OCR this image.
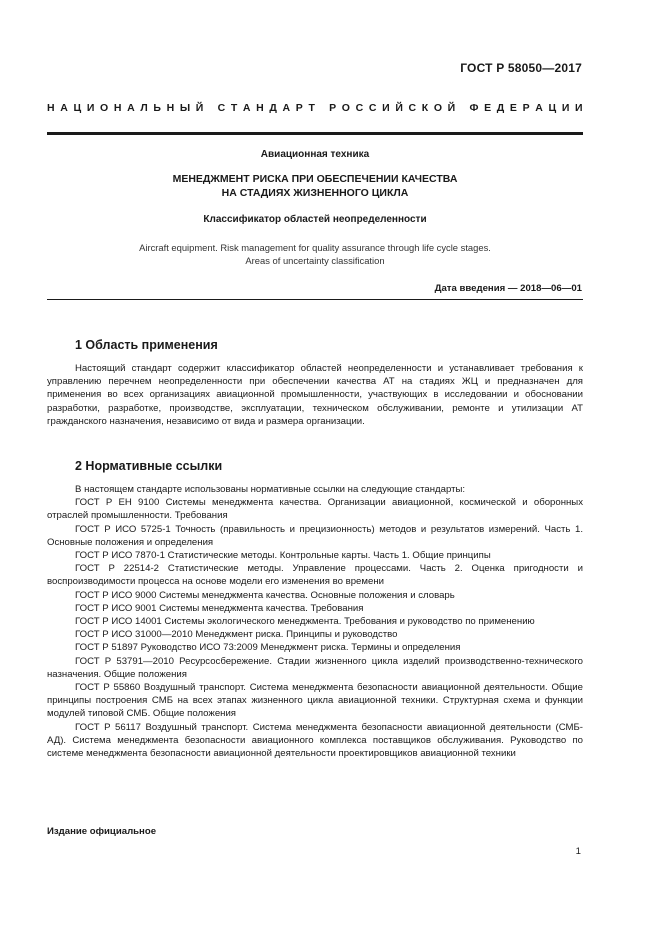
ГОСТ Р 58050—2017
Н А Ц И О Н А Л Ь Н Ы Й
С Т А Н Д А Р Т
Р О С С И Й С К О Й
Ф Е Д Е Р А Ц И И
Авиационная техника
МЕНЕДЖМЕНТ РИСКА ПРИ ОБЕСПЕЧЕНИИ КАЧЕСТВА
НА СТАДИЯХ ЖИЗНЕННОГО ЦИКЛА
Классификатор областей неопределенности
Aircraft equipment. Risk management for quality assurance through life cycle stages.
Areas of uncertainty classification
Дата введения — 2018—06—01
1 Область применения
Настоящий стандарт содержит классификатор областей неопределенности и устанавливает требования к управлению перечнем неопределенности при обеспечении качества АТ на стадиях ЖЦ и предназначен для применения во всех организациях авиационной промышленности, участвующих в исследовании и обосновании разработки, разработке, производстве, эксплуатации, техническом обслуживании, ремонте и утилизации АТ гражданского назначения, независимо от вида и размера организации.
2 Нормативные ссылки

В настоящем стандарте использованы нормативные ссылки на следующие стандарты:

ГОСТ Р ЕН 9100 Системы менеджмента качества. Организации авиационной, космической и оборонных отраслей промышленности. Требования

ГОСТ Р ИСО 5725-1 Точность (правильность и прецизионность) методов и результатов измерений. Часть 1. Основные положения и определения

ГОСТ Р ИСО 7870-1 Статистические методы. Контрольные карты. Часть 1. Общие принципы

ГОСТ Р 22514-2 Статистические методы. Управление процессами. Часть 2. Оценка пригодности и воспроизводимости процесса на основе модели его изменения во времени

ГОСТ Р ИСО 9000 Системы менеджмента качества. Основные положения и словарь

ГОСТ Р ИСО 9001 Системы менеджмента качества. Требования

ГОСТ Р ИСО 14001 Системы экологического менеджмента. Требования и руководство по применению

ГОСТ Р ИСО 31000—2010 Менеджмент риска. Принципы и руководство

ГОСТ Р 51897 Руководство ИСО 73:2009 Менеджмент риска. Термины и определения

ГОСТ Р 53791—2010 Ресурсосбережение. Стадии жизненного цикла изделий производственно-технического назначения. Общие положения

ГОСТ Р 55860 Воздушный транспорт. Система менеджмента безопасности авиационной деятельности. Общие принципы построения СМБ на всех этапах жизненного цикла авиационной техники. Структурная схема и функции модулей типовой СМБ. Общие положения

ГОСТ Р 56117 Воздушный транспорт. Система менеджмента безопасности авиационной деятельности (СМБ-АД). Система менеджмента безопасности авиационного комплекса поставщиков обслуживания. Руководство по системе менеджмента безопасности авиационной деятельности проектировщиков авиационной техники

Издание официальное
1
